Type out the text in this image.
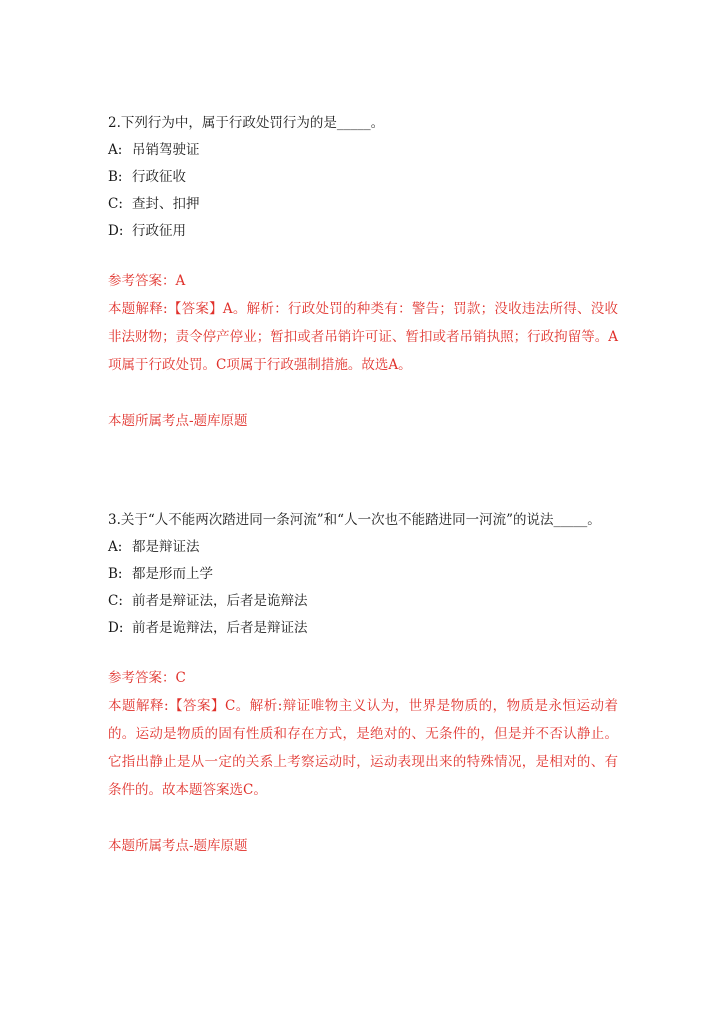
2.下列行为中，属于行政处罚行为的是_____。

A: 吊销驾驶证

B: 行政征收

C: 查封、扣押

D: 行政征用

参考答案：A

本题解释:【答案】A。解析：行政处罚的种类有：警告；罚款；没收违法所得、没收非法财物；责令停产停业；暂扣或者吊销许可证、暂扣或者吊销执照；行政拘留等。A项属于行政处罚。C项属于行政强制措施。故选A。

本题所属考点-题库原题

3.关于“人不能两次踏进同一条河流”和“人一次也不能踏进同一河流”的说法_____。

A: 都是辩证法

B: 都是形而上学

C: 前者是辩证法，后者是诡辩法

D: 前者是诡辩法，后者是辩证法

参考答案：C

本题解释:【答案】C。解析:辩证唯物主义认为，世界是物质的，物质是永恒运动着的。运动是物质的固有性质和存在方式，是绝对的、无条件的，但是并不否认静止。它指出静止是从一定的关系上考察运动时，运动表现出来的特殊情况，是相对的、有条件的。故本题答案选C。

本题所属考点-题库原题
